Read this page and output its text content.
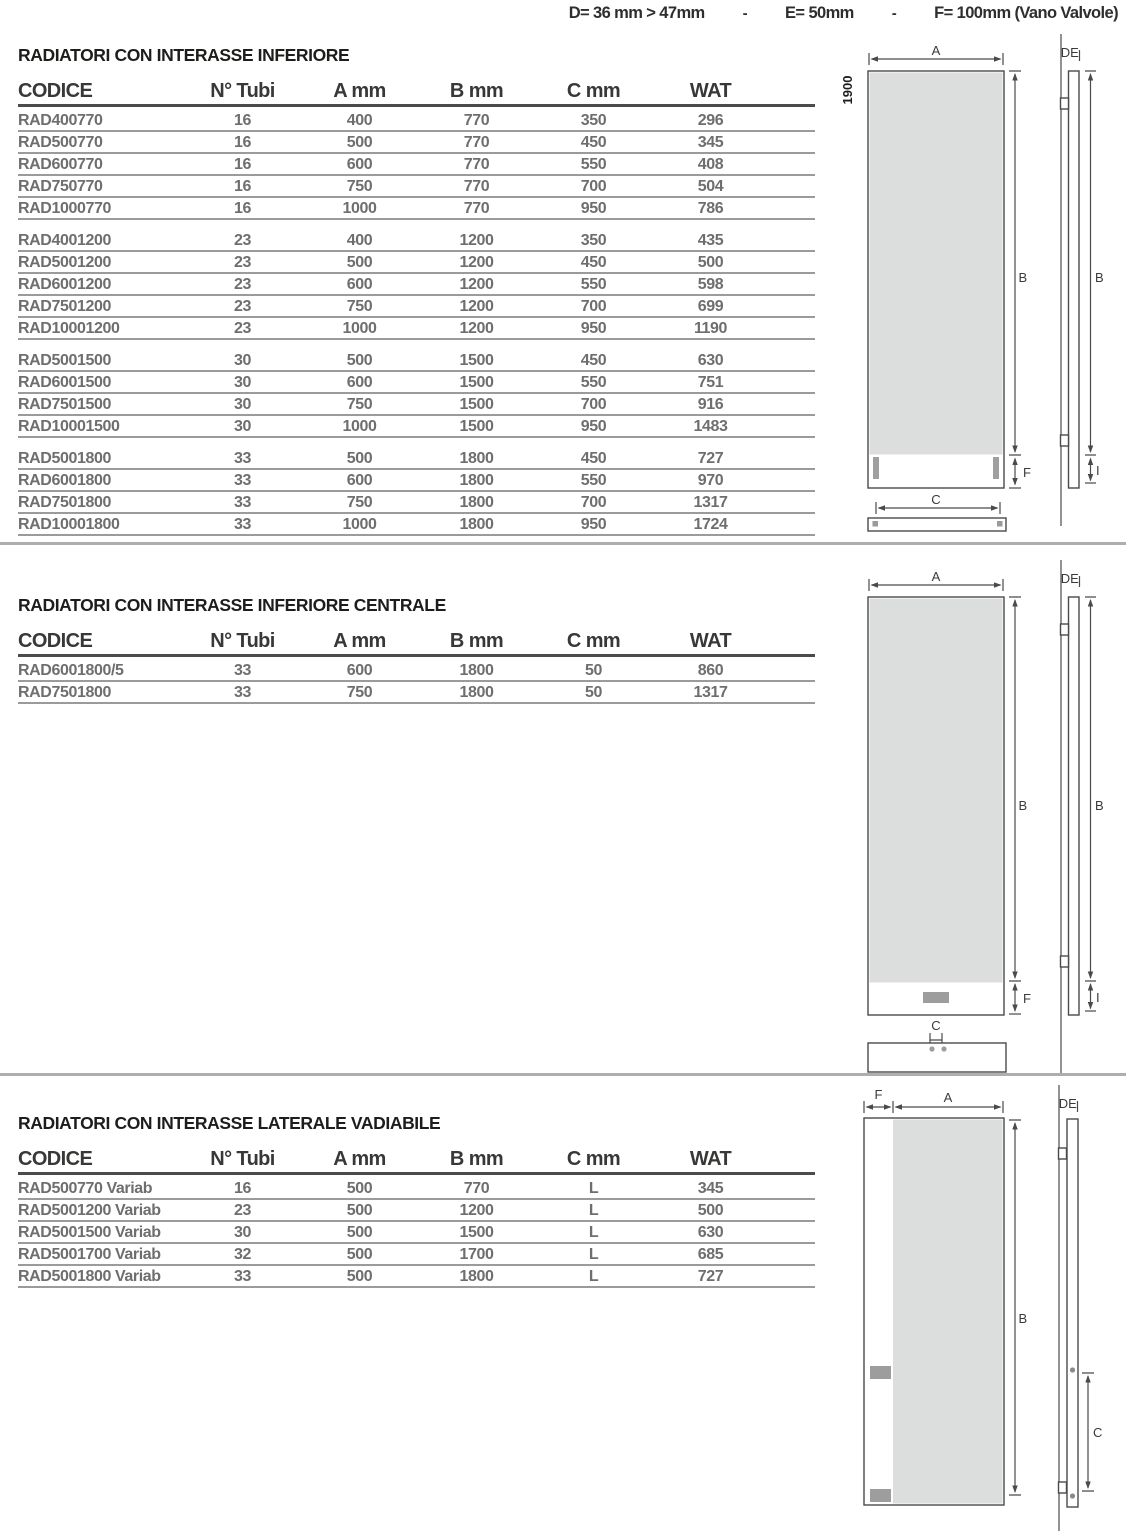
D= 36 mm > 47mm	- E= 50mm	- F= 100mm (Vano Valvole)
RADIATORI CON INTERASSE INFERIORE
CODICE	N° Tubi	A mm	B mm	C mm	WAT
RAD400770	16	400	770	350	296
RAD500770	16	500	770	450	345
RAD600770	16	600	770	550	408
RAD750770	16	750	770	700	504
RAD1000770	16	1000	770	950	786
RAD4001200	23	400	1200	350	435
RAD5001200	23	500	1200	450	500
RAD6001200	23	600	1200	550	598
RAD7501200	23	750	1200	700	699
RAD10001200	23	1000	1200	950	1190
RAD5001500	30	500	1500	450	630
RAD6001500	30	600	1500	550	751
RAD7501500	30	750	1500	700	916
RAD10001500	30	1000	1500	950	1483
RAD5001800	33	500	1800	450	727
RAD6001800	33	600	1800	550	970
RAD7501800	33	750	1800	700	1317
RAD10001800	33	1000	1800	950	1724
RADIATORI CON INTERASSE INFERIORE CENTRALE
CODICE	N° Tubi	A mm	B mm	C mm	WAT
RAD6001800/5	33	600	1800	50	860
RAD7501800	33	750	1800	50	1317
RADIATORI CON INTERASSE LATERALE VADIABILE
CODICE	N° Tubi	A mm	B mm	C mm	WAT
RAD500770 Variab	16	500	770	L	345
RAD5001200 Variab	23	500	1200	L	500
RAD5001500 Variab	30	500	1500	L	630
RAD5001700 Variab	32	500	1700	L	685
RAD5001800 Variab	33	500	1800	L	727
A
1900
B
F
C
D E
B
I
A
B
F
C
D E
B
I
F	A
B
D E
C
